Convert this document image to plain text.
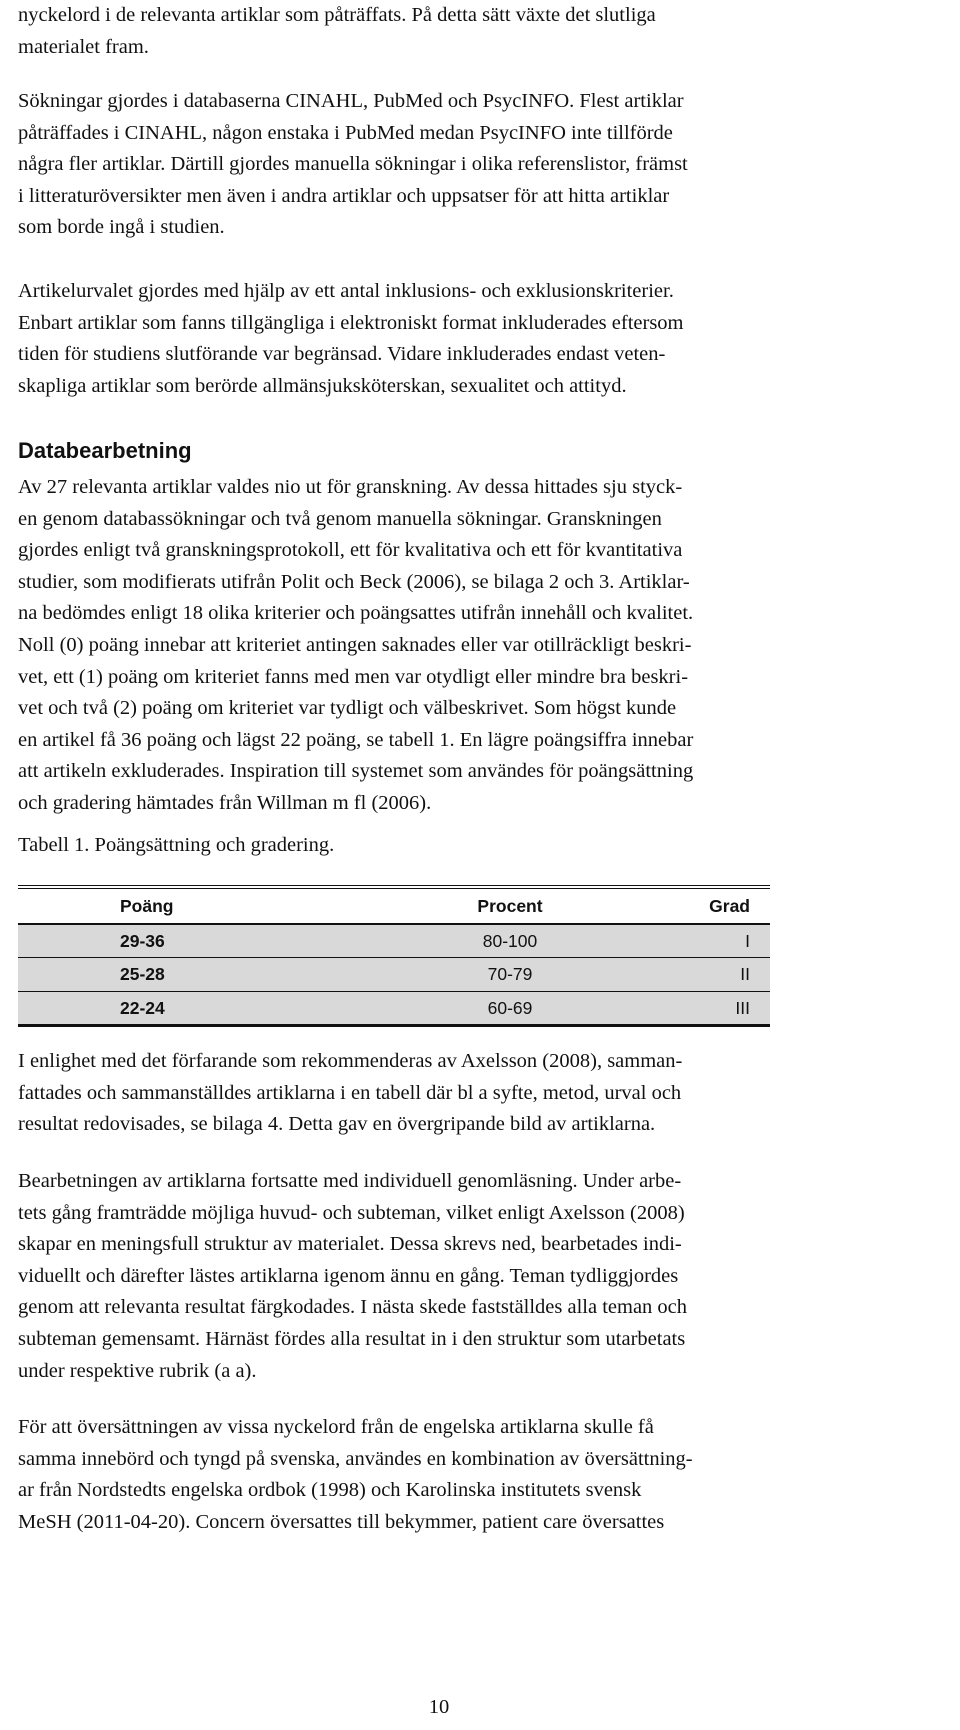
nyckelord i de relevanta artiklar som påträffats. På detta sätt växte det slutliga
materialet fram.
Sökningar gjordes i databaserna CINAHL, PubMed och PsycINFO. Flest artiklar
påträffades i CINAHL, någon enstaka i PubMed medan PsycINFO inte tillförde
några fler artiklar. Därtill gjordes manuella sökningar i olika referenslistor, främst
i litteraturöversikter men även i andra artiklar och uppsatser för att hitta artiklar
som borde ingå i studien.
Artikelurvalet gjordes med hjälp av ett antal inklusions- och exklusionskriterier.
Enbart artiklar som fanns tillgängliga i elektroniskt format inkluderades eftersom
tiden för studiens slutförande var begränsad. Vidare inkluderades endast veten-
skapliga artiklar som berörde allmänsjuksköterskan, sexualitet och attityd.
Databearbetning
Av 27 relevanta artiklar valdes nio ut för granskning. Av dessa hittades sju styck-
en genom databassökningar och två genom manuella sökningar. Granskningen
gjordes enligt två granskningsprotokoll, ett för kvalitativa och ett för kvantitativa
studier, som modifierats utifrån Polit och Beck (2006), se bilaga 2 och 3. Artiklar-
na bedömdes enligt 18 olika kriterier och poängsattes utifrån innehåll och kvalitet.
Noll (0) poäng innebar att kriteriet antingen saknades eller var otillräckligt beskri-
vet, ett (1) poäng om kriteriet fanns med men var otydligt eller mindre bra beskri-
vet och två (2) poäng om kriteriet var tydligt och välbeskrivet. Som högst kunde
en artikel få 36 poäng och lägst 22 poäng, se tabell 1. En lägre poängsiffra innebar
att artikeln exkluderades. Inspiration till systemet som användes för poängsättning
och gradering hämtades från Willman m fl (2006).
Tabell 1. Poängsättning och gradering.
Poäng	Procent	Grad
29-36	80-100	I
25-28	70-79	II
22-24	60-69	III
I enlighet med det förfarande som rekommenderas av Axelsson (2008), samman-
fattades och sammanställdes artiklarna i en tabell där bl a syfte, metod, urval och
resultat redovisades, se bilaga 4. Detta gav en övergripande bild av artiklarna.
Bearbetningen av artiklarna fortsatte med individuell genomläsning. Under arbe-
tets gång framträdde möjliga huvud- och subteman, vilket enligt Axelsson (2008)
skapar en meningsfull struktur av materialet. Dessa skrevs ned, bearbetades indi-
viduellt och därefter lästes artiklarna igenom ännu en gång. Teman tydliggjordes
genom att relevanta resultat färgkodades. I nästa skede fastställdes alla teman och
subteman gemensamt. Härnäst fördes alla resultat in i den struktur som utarbetats
under respektive rubrik (a a).
För att översättningen av vissa nyckelord från de engelska artiklarna skulle få
samma innebörd och tyngd på svenska, användes en kombination av översättning-
ar från Nordstedts engelska ordbok (1998) och Karolinska institutets svensk
MeSH (2011-04-20). Concern översattes till bekymmer, patient care översattes
10
